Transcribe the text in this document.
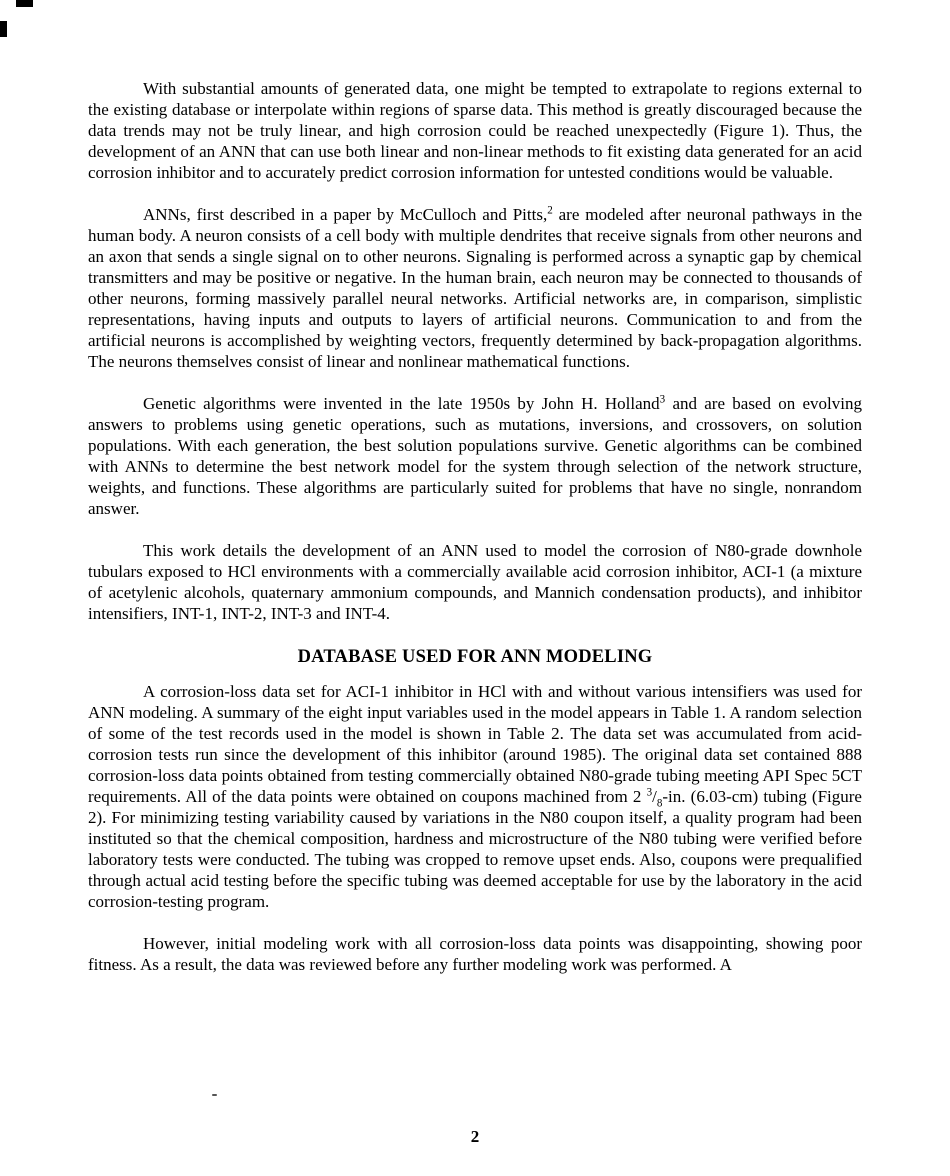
With substantial amounts of generated data, one might be tempted to extrapolate to regions external to the existing database or interpolate within regions of sparse data. This method is greatly discouraged because the data trends may not be truly linear, and high corrosion could be reached unexpectedly (Figure 1). Thus, the development of an ANN that can use both linear and non-linear methods to fit existing data generated for an acid corrosion inhibitor and to accurately predict corrosion information for untested conditions would be valuable.

ANNs, first described in a paper by McCulloch and Pitts,$^2$ are modeled after neuronal pathways in the human body. A neuron consists of a cell body with multiple dendrites that receive signals from other neurons and an axon that sends a single signal on to other neurons. Signaling is performed across a synaptic gap by chemical transmitters and may be positive or negative. In the human brain, each neuron may be connected to thousands of other neurons, forming massively parallel neural networks. Artificial networks are, in comparison, simplistic representations, having inputs and outputs to layers of artificial neurons. Communication to and from the artificial neurons is accomplished by weighting vectors, frequently determined by back-propagation algorithms. The neurons themselves consist of linear and nonlinear mathematical functions.

Genetic algorithms were invented in the late 1950s by John H. Holland$^3$ and are based on evolving answers to problems using genetic operations, such as mutations, inversions, and crossovers, on solution populations. With each generation, the best solution populations survive. Genetic algorithms can be combined with ANNs to determine the best network model for the system through selection of the network structure, weights, and functions. These algorithms are particularly suited for problems that have no single, nonrandom answer.

This work details the development of an ANN used to model the corrosion of N80-grade downhole tubulars exposed to HCl environments with a commercially available acid corrosion inhibitor, ACI-1 (a mixture of acetylenic alcohols, quaternary ammonium compounds, and Mannich condensation products), and inhibitor intensifiers, INT-1, INT-2, INT-3 and INT-4.

DATABASE USED FOR ANN MODELING

A corrosion-loss data set for ACI-1 inhibitor in HCl with and without various intensifiers was used for ANN modeling. A summary of the eight input variables used in the model appears in Table 1. A random selection of some of the test records used in the model is shown in Table 2. The data set was accumulated from acid-corrosion tests run since the development of this inhibitor (around 1985). The original data set contained 888 corrosion-loss data points obtained from testing commercially obtained N80-grade tubing meeting API Spec 5CT requirements. All of the data points were obtained on coupons machined from 2 $^3/_8-in$. (6.03-cm) tubing (Figure 2). For minimizing testing variability caused by variations in the N80 coupon itself, a quality program had been instituted so that the chemical composition, hardness and microstructure of the N80 tubing were verified before laboratory tests were conducted. The tubing was cropped to remove upset ends. Also, coupons were prequalified through actual acid testing before the specific tubing was deemed acceptable for use by the laboratory in the acid corrosion-testing program.

However, initial modeling work with all corrosion-loss data points was disappointing, showing poor fitness. As a result, the data was reviewed before any further modeling work was performed. A

2
